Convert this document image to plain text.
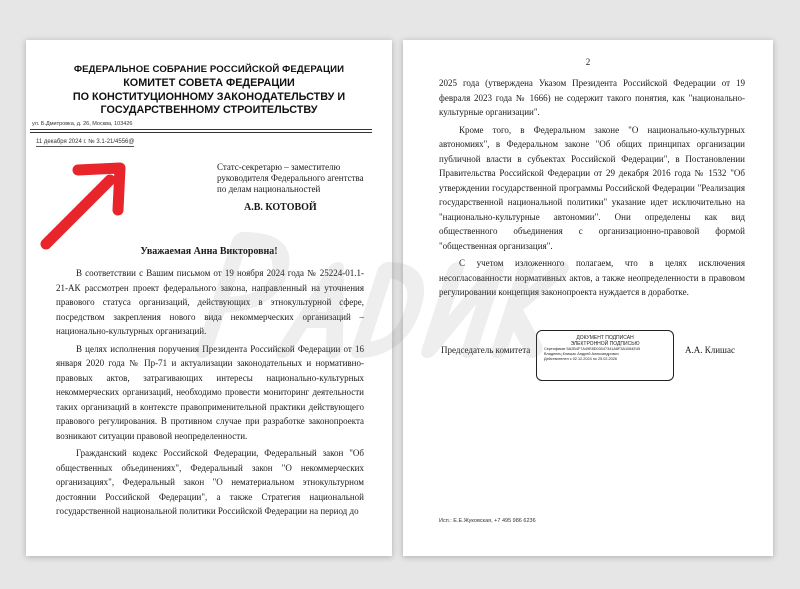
ФЕДЕРАЛЬНОЕ СОБРАНИЕ РОССИЙСКОЙ ФЕДЕРАЦИИ
КОМИТЕТ СОВЕТА ФЕДЕРАЦИИ
ПО КОНСТИТУЦИОННОМУ ЗАКОНОДАТЕЛЬСТВУ И
ГОСУДАРСТВЕННОМУ СТРОИТЕЛЬСТВУ
ул. Б.Дмитровка, д. 26, Москва, 103426
11 декабря 2024 г. № 3.1-21/4556@
Статс-секретарю – заместителю
руководителя Федерального агентства
по делам национальностей
А.В. КОТОВОЙ
Уважаемая Анна Викторовна!

В соответствии с Вашим письмом от 19 ноября 2024 года № 25224-01.1-21-АК рассмотрен проект федерального закона, направленный на уточнения правового статуса организаций, действующих в этнокультурной сфере, посредством закрепления нового вида некоммерческих организаций – национально-культурных организаций.

В целях исполнения поручения Президента Российской Федерации от 16 января 2020 года № Пр-71 и актуализации законодательных и нормативно-правовых актов, затрагивающих интересы национально-культурных некоммерческих организаций, необходимо провести мониторинг деятельности таких организаций в контексте правоприменительной практики действующего правового регулирования. В противном случае при разработке законопроекта возникают ситуации правовой неопределенности.

Гражданский кодекс Российской Федерации, Федеральный закон "Об общественных объединениях", Федеральный закон "О некоммерческих организациях", Федеральный закон "О нематериальном этнокультурном достоянии Российской Федерации", а также Стратегия национальной государственной национальной политики Российской Федерации на период до

2

2025 года (утверждена Указом Президента Российской Федерации от 19 февраля 2023 года № 1666) не содержит такого понятия, как "национально-культурные организации".

Кроме того, в Федеральном законе "О национально-культурных автономиях", в Федеральном законе "Об общих принципах организации публичной власти в субъектах Российской Федерации", в Постановлении Правительства Российской Федерации от 29 декабря 2016 года № 1532 "Об утверждении государственной программы Российской Федерации "Реализация государственной национальной политики" указание идет исключительно на "национально-культурные автономии". Они определены как вид общественного объединения с организационно-правовой формой "общественная организация".

С учетом изложенного полагаем, что в целях исключения несогласованности нормативных актов, а также неопределенности в правовом регулировании концепция законопроекта нуждается в доработке.

Председатель комитета
ДОКУМЕНТ ПОДПИСАН
ЭЛЕКТРОННОЙ ПОДПИСЬЮ
Сертификат 5A2B4F7A49E8D03047341A8F3A1084E45
Владелец Клишас Андрей Александрович
Действителен с 02.12.2024 по 25.02.2026
А.А. Клишас
Исп.: Е.Е.Жуковская, +7 495 986 6236
